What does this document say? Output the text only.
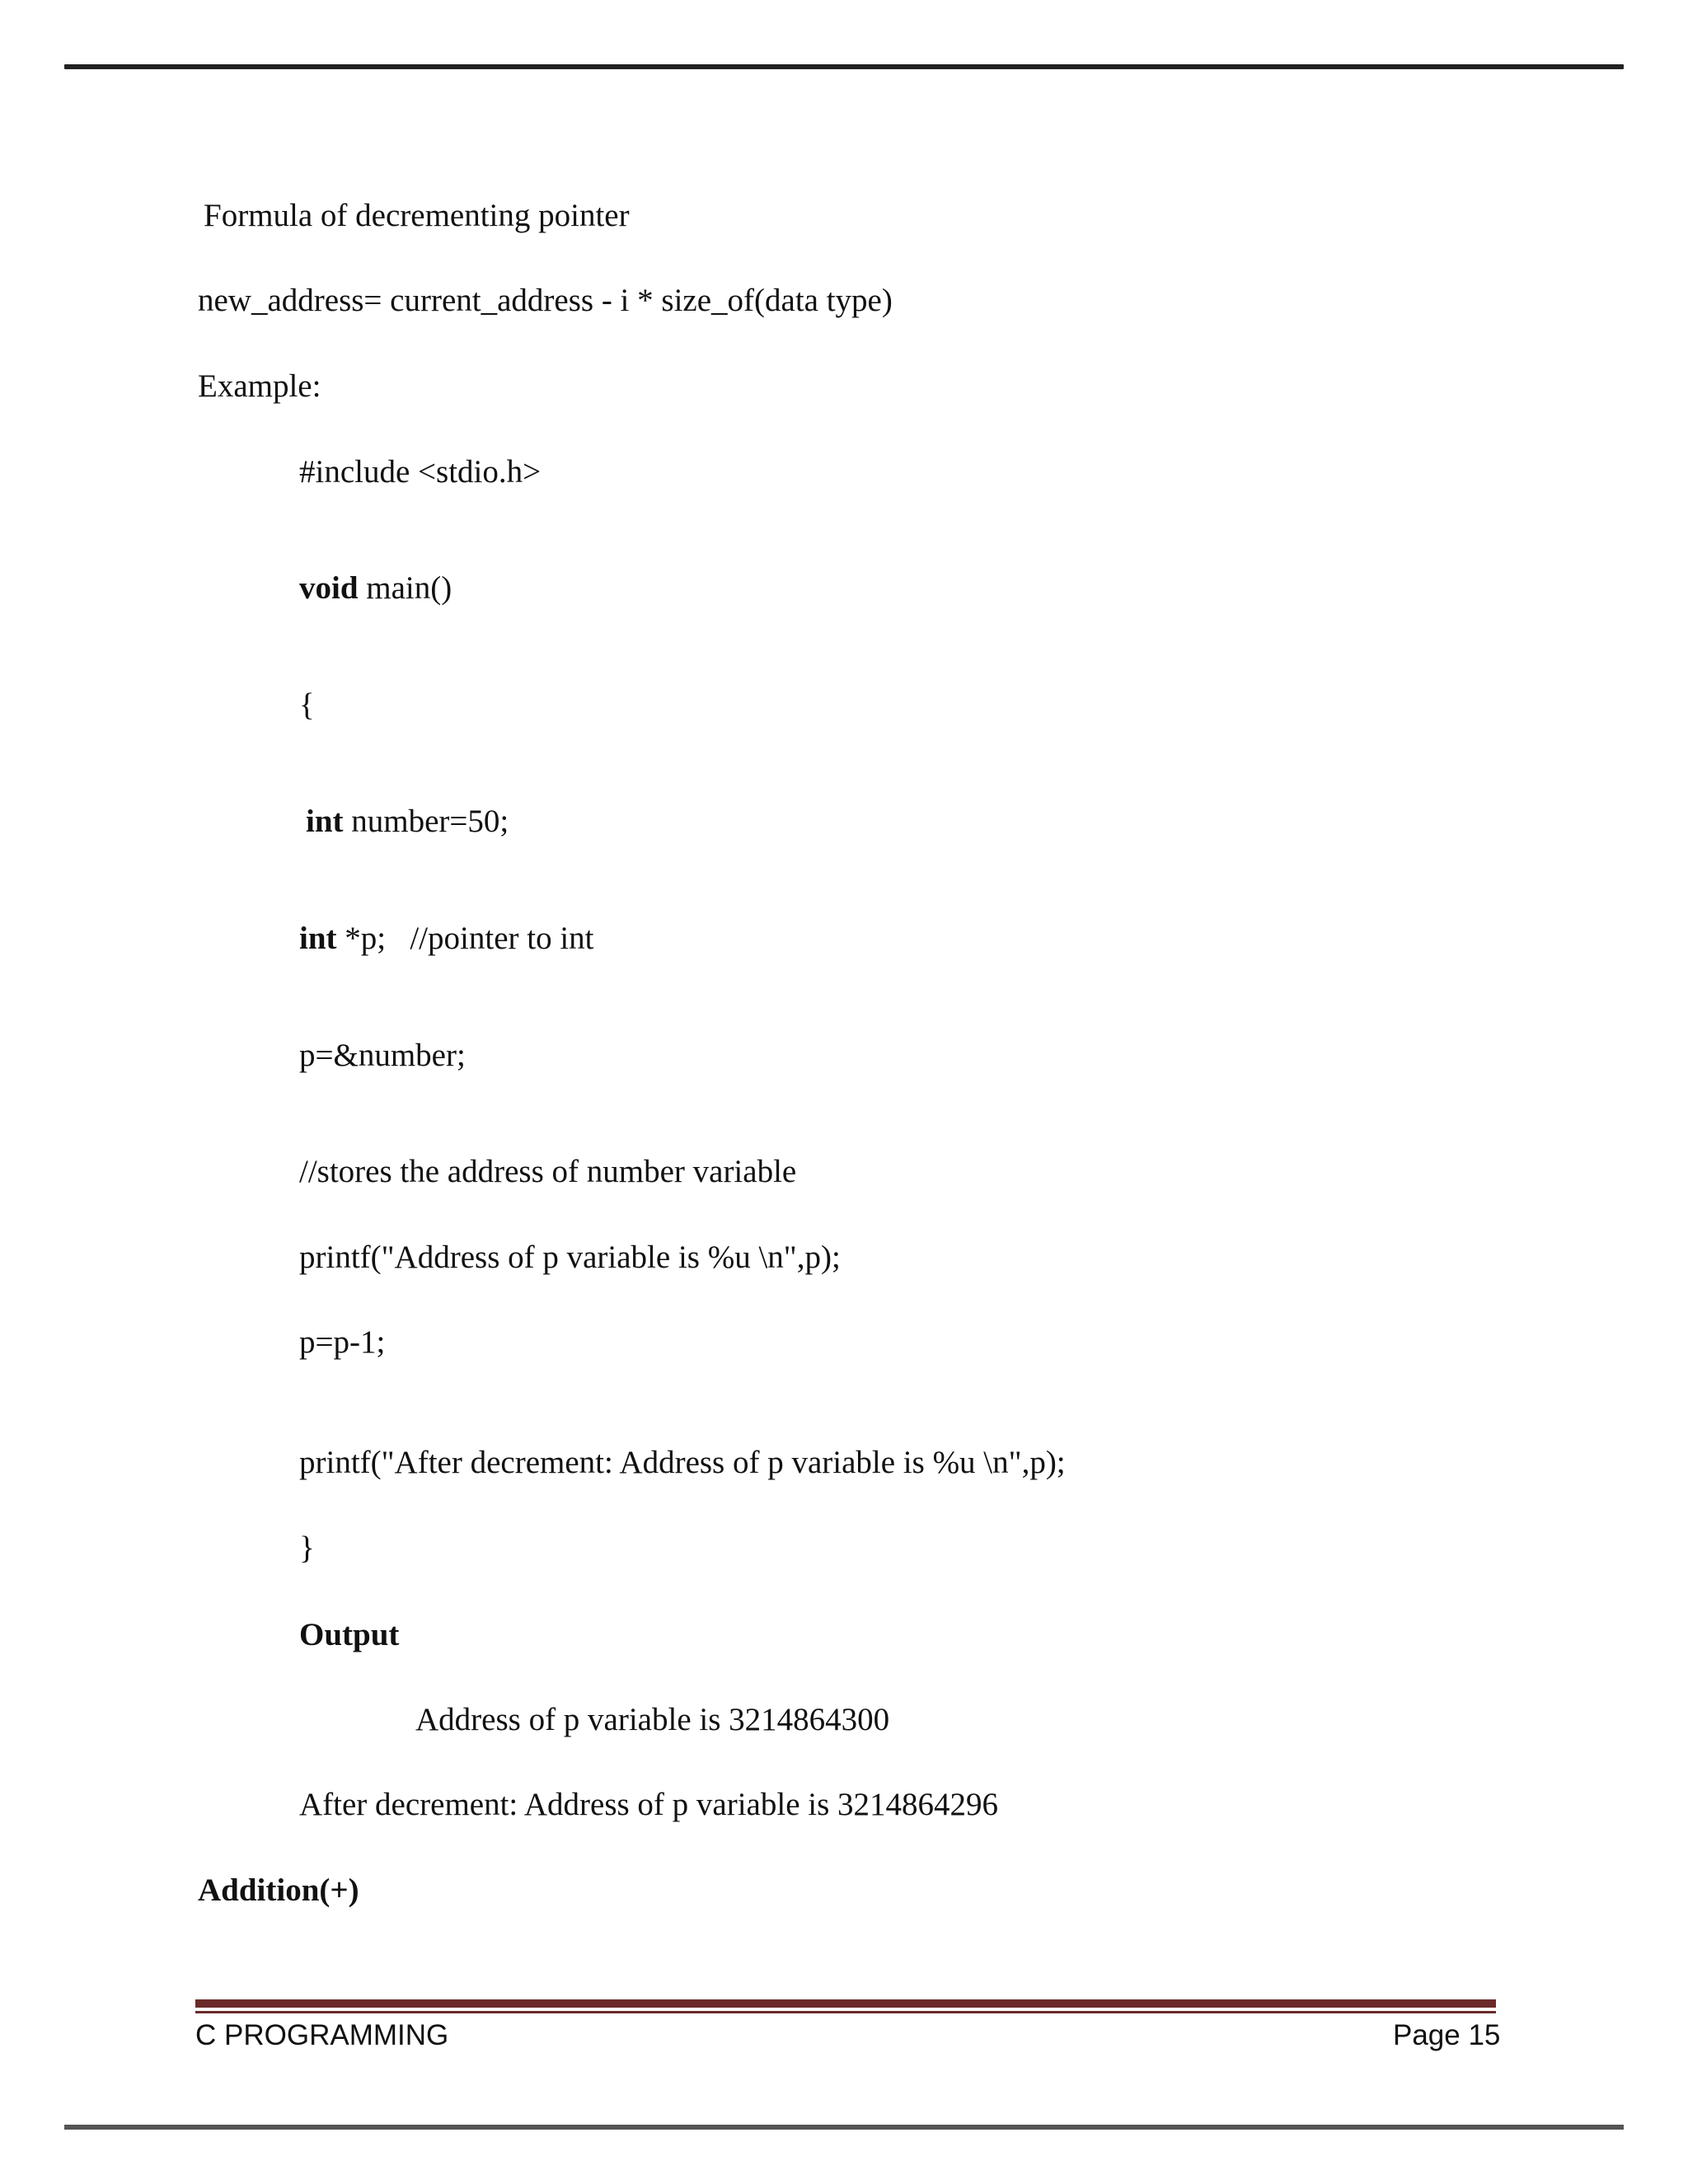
Formula of decrementing pointer
new_address= current_address - i * size_of(data type)
Example:
#include <stdio.h>
void main()
{
int number=50;
int *p;   //pointer to int
p=&number;
//stores the address of number variable
printf("Address of p variable is %u \n",p);
p=p-1;
printf("After decrement: Address of p variable is %u \n",p);
}
Output
Address of p variable is 3214864300
After decrement: Address of p variable is 3214864296
Addition(+)
C PROGRAMMING	Page 15
